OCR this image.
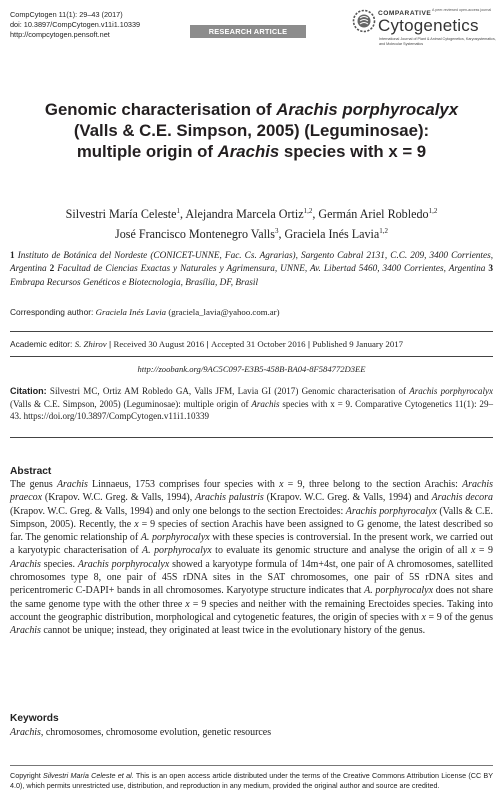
CompCytogen 11(1): 29–43 (2017)
doi: 10.3897/CompCytogen.v11i1.10339
http://compcytogen.pensoft.net	RESEARCH ARTICLE
COMPARATIVE A peer-reviewed open-access journal
Cytogenetics
International Journal of Plant & Animal Cytogenetics, Karyosystematics, and Molecular Systematics
Genomic characterisation of Arachis porphyrocalyx
(Valls & C.E. Simpson, 2005) (Leguminosae):
multiple origin of Arachis species with x = 9
Silvestri María Celeste$^1$, Alejandra Marcela Ortiz$^{1,2}$, Germán Ariel Robledo$^{1,2}$
José Francisco Montenegro Valls$^3$, Graciela Inés Lavia$^{1,2}$
1 Instituto de Botánica del Nordeste (CONICET-UNNE, Fac. Cs. Agrarias), Sargento Cabral 2131, C.C. 209, 3400 Corrientes, Argentina 2 Facultad de Ciencias Exactas y Naturales y Agrimensura, UNNE, Av. Libertad 5460, 3400 Corrientes, Argentina 3 Embrapa Recursos Genéticos e Biotecnologia, Brasília, DF, Brasil
Corresponding author: Graciela Inés Lavia (graciela_lavia@yahoo.com.ar)
Academic editor: S. Zhirov | Received 30 August 2016 | Accepted 31 October 2016 | Published 9 January 2017
http://zoobank.org/9AC5C097-E3B5-458B-BA04-8F584772D3EE
Citation: Silvestri MC, Ortiz AM Robledo GA, Valls JFM, Lavia GI (2017) Genomic characterisation of Arachis porphyrocalyx (Valls & C.E. Simpson, 2005) (Leguminosae): multiple origin of Arachis species with x = 9. Comparative Cytogenetics 11(1): 29–43. https://doi.org/10.3897/CompCytogen.v11i1.10339
Abstract
The genus Arachis Linnaeus, 1753 comprises four species with x = 9, three belong to the section Arachis: Arachis praecox (Krapov. W.C. Greg. & Valls, 1994), Arachis palustris (Krapov. W.C. Greg. & Valls, 1994) and Arachis decora (Krapov. W.C. Greg. & Valls, 1994) and only one belongs to the section Erectoides: Arachis porphyrocalyx (Valls & C.E. Simpson, 2005). Recently, the x = 9 species of section Arachis have been assigned to G genome, the latest described so far. The genomic relationship of A. porphyrocalyx with these species is controversial. In the present work, we carried out a karyotypic characterisation of A. porphyrocalyx to evaluate its genomic structure and analyse the origin of all x = 9 Arachis species. Arachis porphyrocalyx showed a karyotype formula of 14m+4st, one pair of A chromosomes, satellited chromosomes type 8, one pair of 45S rDNA sites in the SAT chromosomes, one pair of 5S rDNA sites and pericentromeric C-DAPI+ bands in all chromosomes. Karyotype structure indicates that A. porphyrocalyx does not share the same genome type with the other three x = 9 species and neither with the remaining Erectoides species. Taking into account the geographic distribution, morphological and cytogenetic features, the origin of species with x = 9 of the genus Arachis cannot be unique; instead, they originated at least twice in the evolutionary history of the genus.
Keywords
Arachis, chromosomes, chromosome evolution, genetic resources
Copyright Silvestri María Celeste et al. This is an open access article distributed under the terms of the Creative Commons Attribution License (CC BY 4.0), which permits unrestricted use, distribution, and reproduction in any medium, provided the original author and source are credited.
